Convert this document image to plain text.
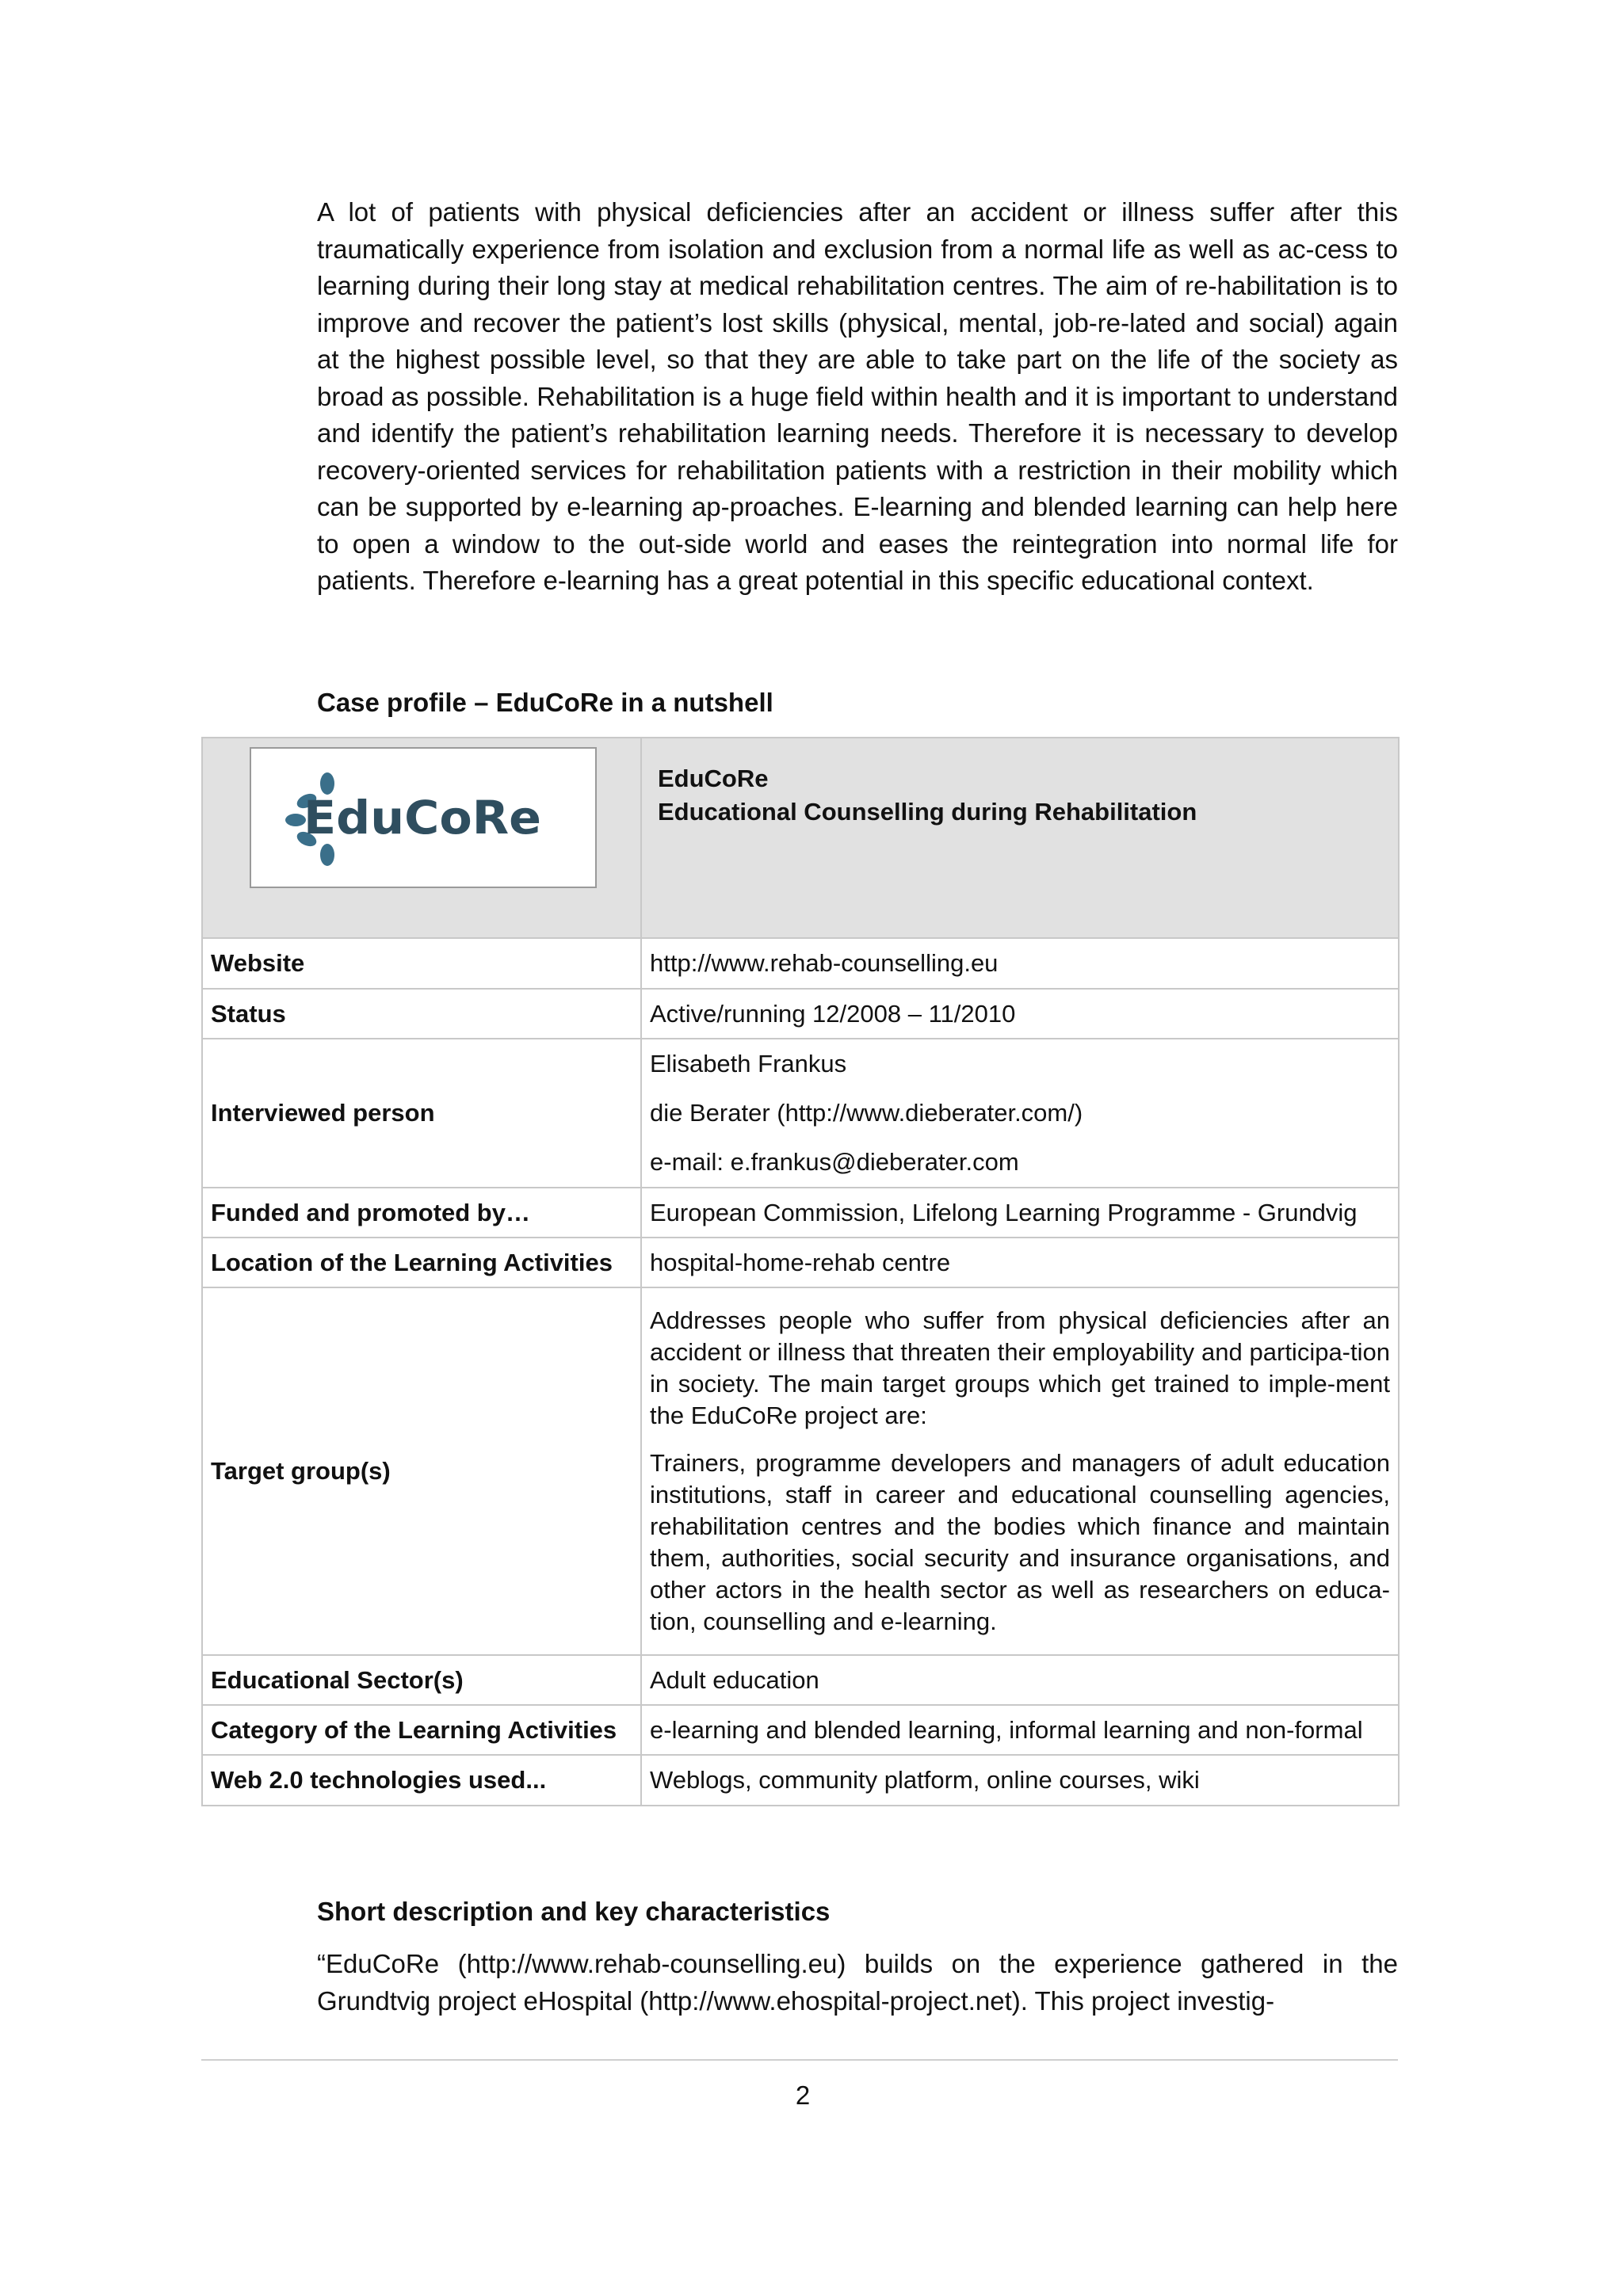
A lot of patients with physical deficiencies after an accident or illness suffer after this traumatically experience from isolation and exclusion from a normal life as well as ac-cess to learning during their long stay at medical rehabilitation centres. The aim of re-habilitation is to improve and recover the patient’s lost skills (physical, mental, job-re-lated and social) again at the highest possible level, so that they are able to take part on the life of the society as broad as possible. Rehabilitation is a huge field within health and it is important to understand and identify the patient’s rehabilitation learning needs. Therefore it is necessary to develop recovery-oriented services for rehabilitation patients with a restriction in their mobility which can be supported by e-learning ap-proaches. E-learning and blended learning can help here to open a window to the out-side world and eases the reintegration into normal life for patients. Therefore e-learning has a great potential in this specific educational context.
Case profile – EduCoRe in a nutshell
EduCoRe	EduCoRe
Educational Counselling during Rehabilitation

Website	http://www.rehab-counselling.eu
Status	Active/running 12/2008 – 11/2010
Interviewed person	Elisabeth Frankus

die Berater (http://www.dieberater.com/)

e-mail: e.frankus@dieberater.com

Funded and promoted by…	European Commission, Lifelong Learning Programme - Grundvig
Location of the Learning Activities	hospital-home-rehab centre
Target group(s)	Addresses people who suffer from physical deficiencies after an accident or illness that threaten their employability and participa-tion in society. The main target groups which get trained to imple-ment the EduCoRe project are:

Trainers, programme developers and managers of adult education institutions, staff in career and educational counselling agencies, rehabilitation centres and the bodies which finance and maintain them, authorities, social security and insurance organisations, and other actors in the health sector as well as researchers on educa-tion, counselling and e-learning.

Educational Sector(s)	Adult education
Category of the Learning Activities	e-learning and blended learning, informal learning and non-formal
Web 2.0 technologies used...	Weblogs, community platform, online courses, wiki
Short description and key characteristics
“EduCoRe (http://www.rehab-counselling.eu) builds on the experience gathered in the Grundtvig project eHospital (http://www.ehospital-project.net). This project investig-
2
